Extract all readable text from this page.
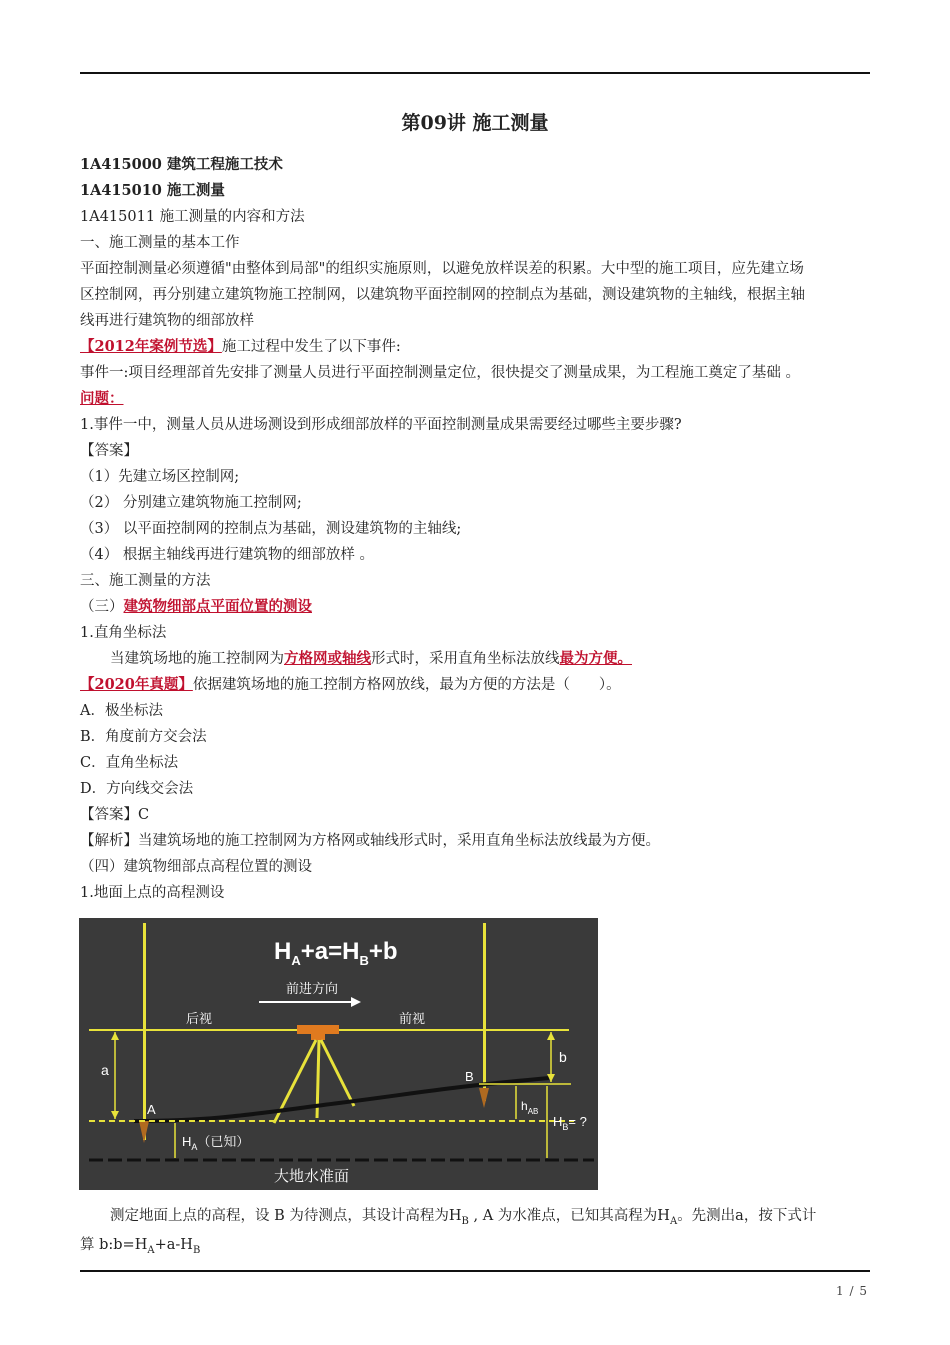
第09讲 施工测量
1A415000 建筑工程施工技术
1A415010 施工测量
1A415011 施工测量的内容和方法
一、施工测量的基本工作
平面控制测量必须遵循"由整体到局部"的组织实施原则，以避免放样误差的积累。大中型的施工项目，应先建立场
区控制网，再分别建立建筑物施工控制网，以建筑物平面控制网的控制点为基础，测设建筑物的主轴线，根据主轴
线再进行建筑物的细部放样
【2012年案例节选】施工过程中发生了以下事件:
事件一:项目经理部首先安排了测量人员进行平面控制测量定位，很快提交了测量成果，为工程施工奠定了基础 。
问题：
1.事件一中，测量人员从进场测设到形成细部放样的平面控制测量成果需要经过哪些主要步骤?
【答案】
（1）先建立场区控制网;
（2） 分别建立建筑物施工控制网;
（3） 以平面控制网的控制点为基础，测设建筑物的主轴线;
（4） 根据主轴线再进行建筑物的细部放样 。
三、施工测量的方法
（三）建筑物细部点平面位置的测设
1.直角坐标法
当建筑场地的施工控制网为方格网或轴线形式时，采用直角坐标法放线最为方便。
【2020年真题】依据建筑场地的施工控制方格网放线，最为方便的方法是（　　）。
A．极坐标法
B．角度前方交会法
C．直角坐标法
D．方向线交会法
【答案】C
【解析】当建筑场地的施工控制网为方格网或轴线形式时，采用直角坐标法放线最为方便。
（四）建筑物细部点高程位置的测设
1.地面上点的高程测设
$H_A+a=H_B+b$
前进方向
后视	前视
大地水准面
a
A
B
$H_A$（已知）
b
$h_{AB}$
$H_B=$ ?
测定地面上点的高程，设 B 为待测点，其设计高程为$H_B$ , A 为水准点，已知其高程为$H_A$。先测出a，按下式计
算 $b:b=H_A+a-H_B$
1 / 5
